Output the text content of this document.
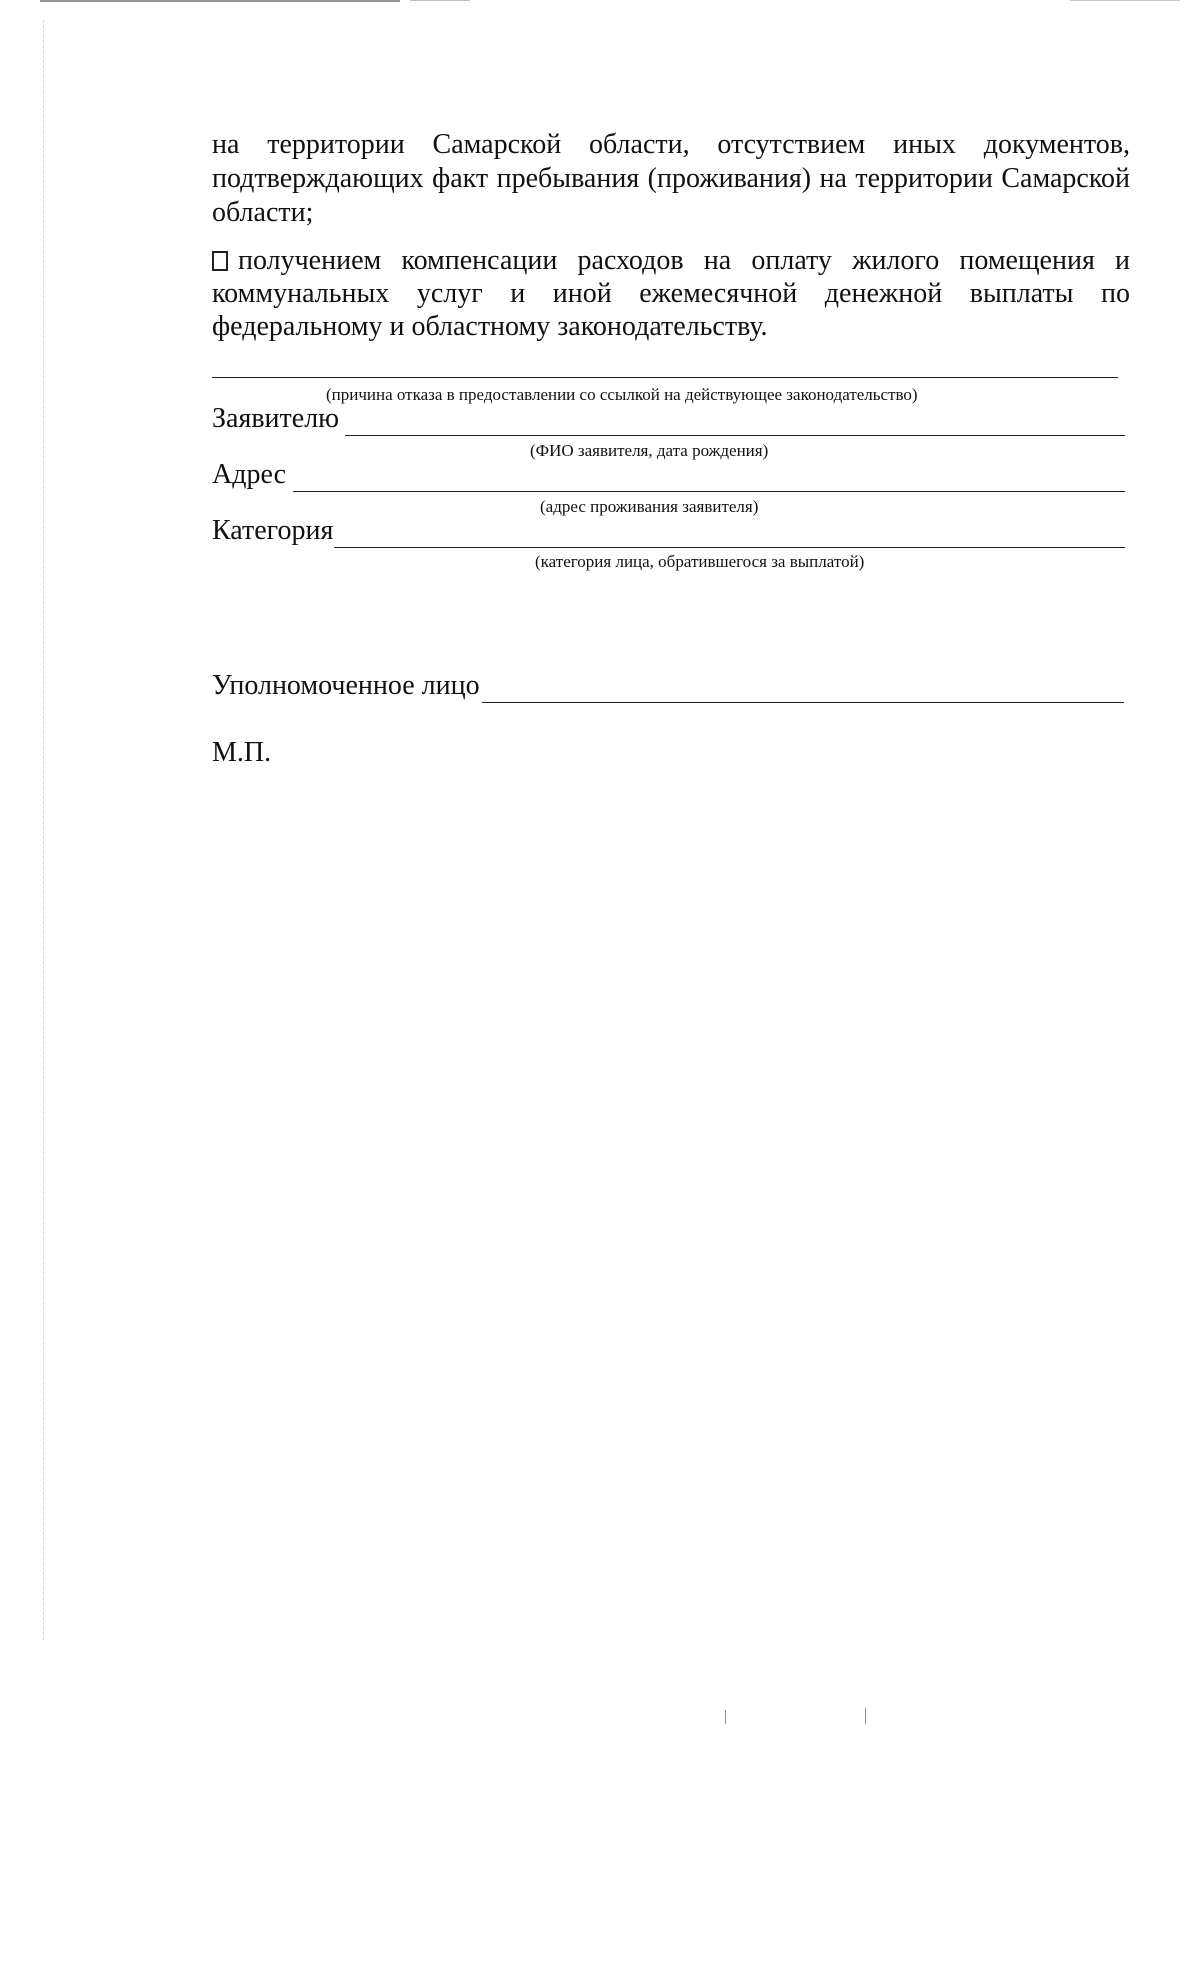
на территории Самарской области, отсутствием иных документов, подтверждающих факт пребывания (проживания) на территории Самарской области;

получением компенсации расходов на оплату жилого помещения и коммунальных услуг и иной ежемесячной денежной выплаты по федеральному и областному законодательству.

(причина отказа в предоставлении со ссылкой на действующее законодательство)
Заявителю
(ФИО заявителя, дата рождения)
Адрес
(адрес проживания заявителя)
Категория
(категория лица, обратившегося за выплатой)
Уполномоченное лицо
М.П.
